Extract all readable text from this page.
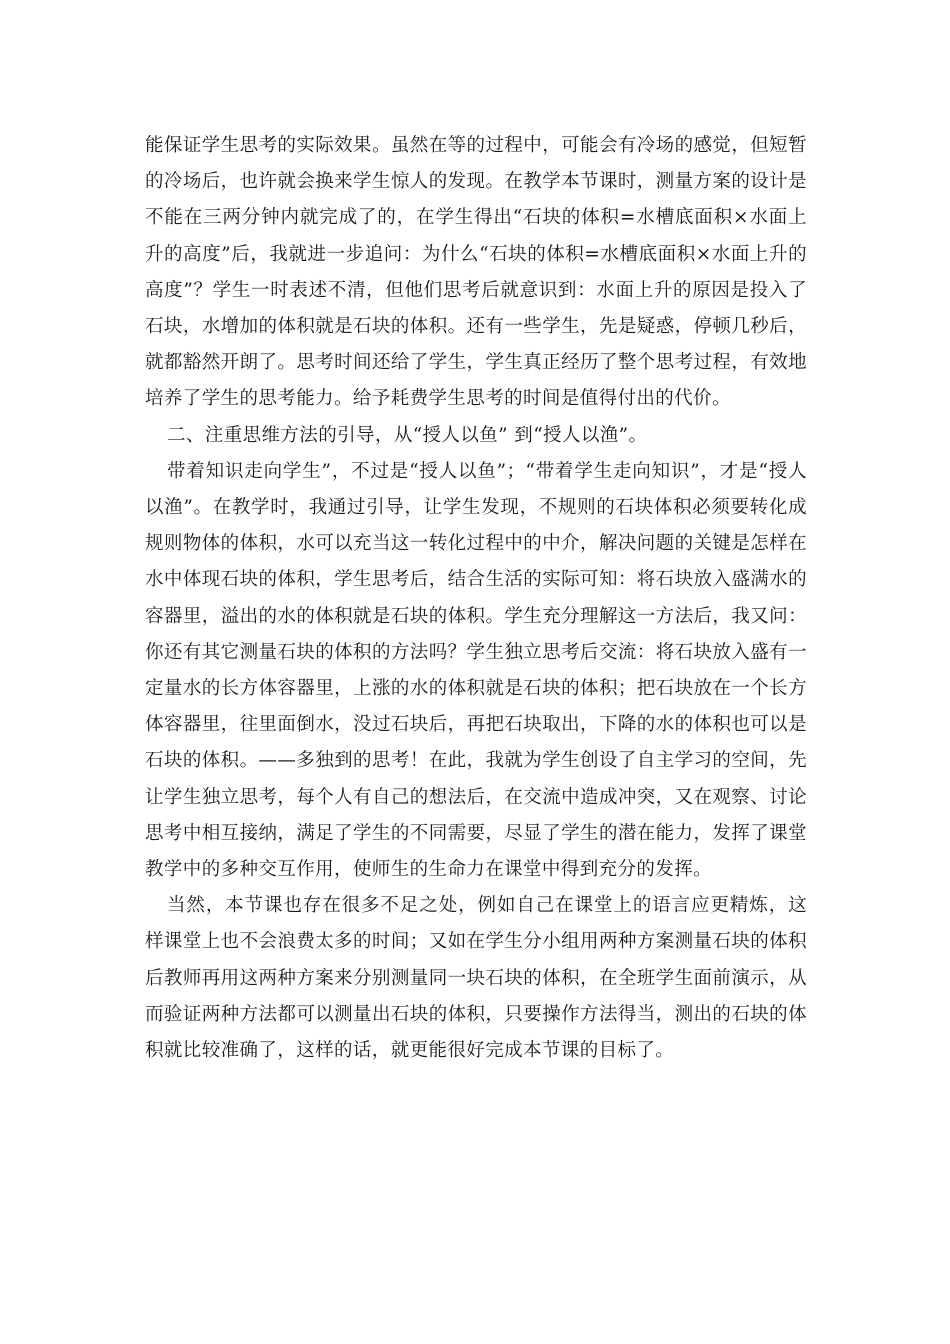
能保证学生思考的实际效果。虽然在等的过程中，可能会有冷场的感觉，但短暂的冷场后，也许就会换来学生惊人的发现。在教学本节课时，测量方案的设计是不能在三两分钟内就完成了的，在学生得出“石块的体积=水槽底面积×水面上升的高度”后，我就进一步追问：为什么“石块的体积=水槽底面积×水面上升的高度”？学生一时表述不清，但他们思考后就意识到：水面上升的原因是投入了石块，水增加的体积就是石块的体积。还有一些学生，先是疑惑，停顿几秒后，就都豁然开朗了。思考时间还给了学生，学生真正经历了整个思考过程，有效地培养了学生的思考能力。给予耗费学生思考的时间是值得付出的代价。

二、注重思维方法的引导，从“授人以鱼” 到“授人以渔”。

带着知识走向学生”，不过是“授人以鱼”；“带着学生走向知识”，才是“授人以渔”。在教学时，我通过引导，让学生发现，不规则的石块体积必须要转化成规则物体的体积，水可以充当这一转化过程中的中介，解决问题的关键是怎样在水中体现石块的体积，学生思考后，结合生活的实际可知：将石块放入盛满水的容器里，溢出的水的体积就是石块的体积。学生充分理解这一方法后，我又问：你还有其它测量石块的体积的方法吗？学生独立思考后交流：将石块放入盛有一定量水的长方体容器里，上涨的水的体积就是石块的体积；把石块放在一个长方体容器里，往里面倒水，没过石块后，再把石块取出，下降的水的体积也可以是石块的体积。——多独到的思考！在此，我就为学生创设了自主学习的空间，先让学生独立思考，每个人有自己的想法后，在交流中造成冲突，又在观察、讨论思考中相互接纳，满足了学生的不同需要，尽显了学生的潜在能力，发挥了课堂教学中的多种交互作用，使师生的生命力在课堂中得到充分的发挥。

当然，本节课也存在很多不足之处，例如自己在课堂上的语言应更精炼，这样课堂上也不会浪费太多的时间；又如在学生分小组用两种方案测量石块的体积后教师再用这两种方案来分别测量同一块石块的体积，在全班学生面前演示，从而验证两种方法都可以测量出石块的体积，只要操作方法得当，测出的石块的体积就比较准确了，这样的话，就更能很好完成本节课的目标了。
